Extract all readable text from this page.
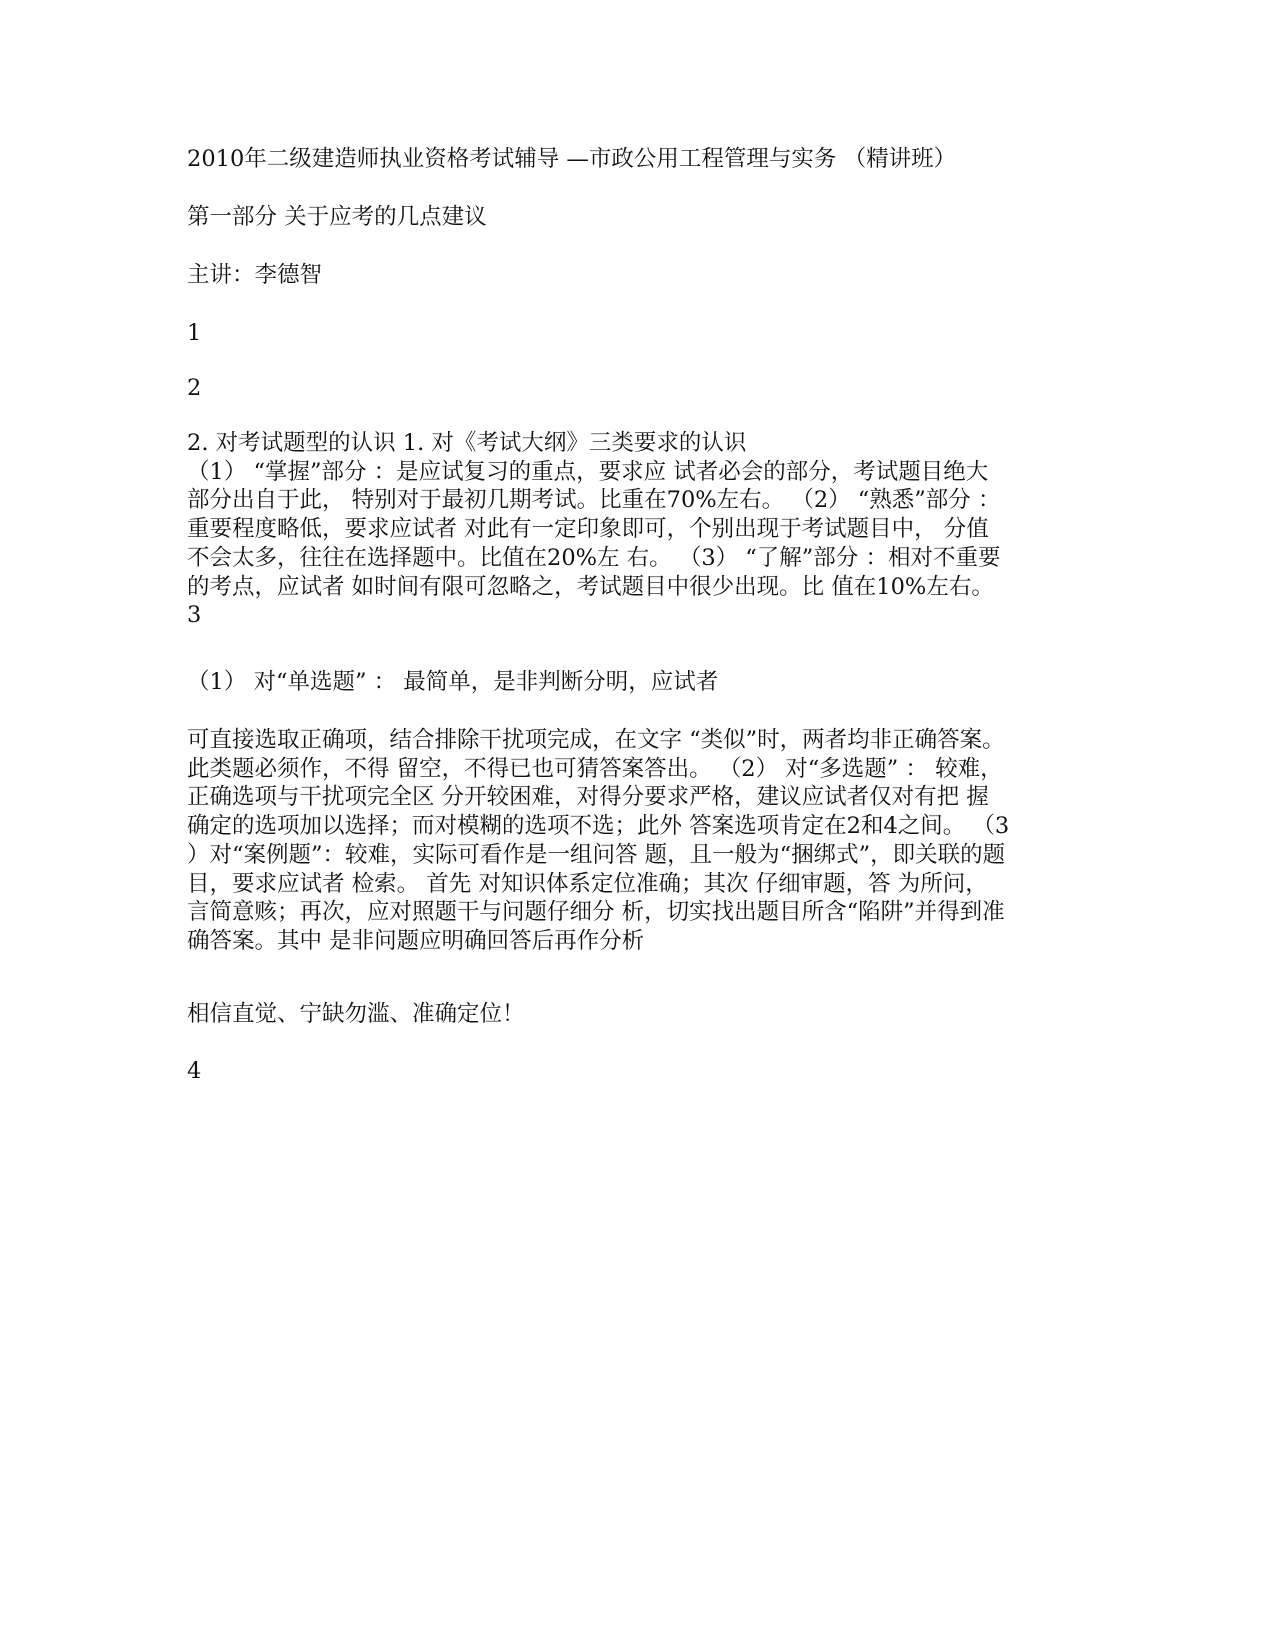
2010年二级建造师执业资格考试辅导 —市政公用工程管理与实务 （精讲班）
第一部分 关于应考的几点建议
主讲：李德智
1
2
2. 对考试题型的认识 1. 对《考试大纲》三类要求的认识
（1） “掌握”部分 ：是应试复习的重点，要求应 试者必会的部分，考试题目绝大
部分出自于此， 特别对于最初几期考试。比重在70%左右。 （2） “熟悉”部分 ：
重要程度略低，要求应试者 对此有一定印象即可，个别出现于考试题目中， 分值
不会太多，往往在选择题中。比值在20%左 右。 （3） “了解”部分 ：相对不重要
的考点，应试者 如时间有限可忽略之，考试题目中很少出现。比 值在10%左右。
3
（1） 对“单选题” ： 最简单，是非判断分明，应试者
可直接选取正确项，结合排除干扰项完成，在文字 “类似”时，两者均非正确答案。
此类题必须作，不得 留空，不得已也可猜答案答出。 （2） 对“多选题” ： 较难，
正确选项与干扰项完全区 分开较困难，对得分要求严格，建议应试者仅对有把 握
确定的选项加以选择；而对模糊的选项不选；此外 答案选项肯定在2和4之间。 （3
）对“案例题”：较难，实际可看作是一组问答 题，且一般为“捆绑式”，即关联的题
目，要求应试者 检索。 首先 对知识体系定位准确；其次 仔细审题，答 为所问，
言简意赅；再次，应对照题干与问题仔细分 析，切实找出题目所含“陷阱”并得到准
确答案。其中 是非问题应明确回答后再作分析
相信直觉、宁缺勿滥、准确定位！
4
